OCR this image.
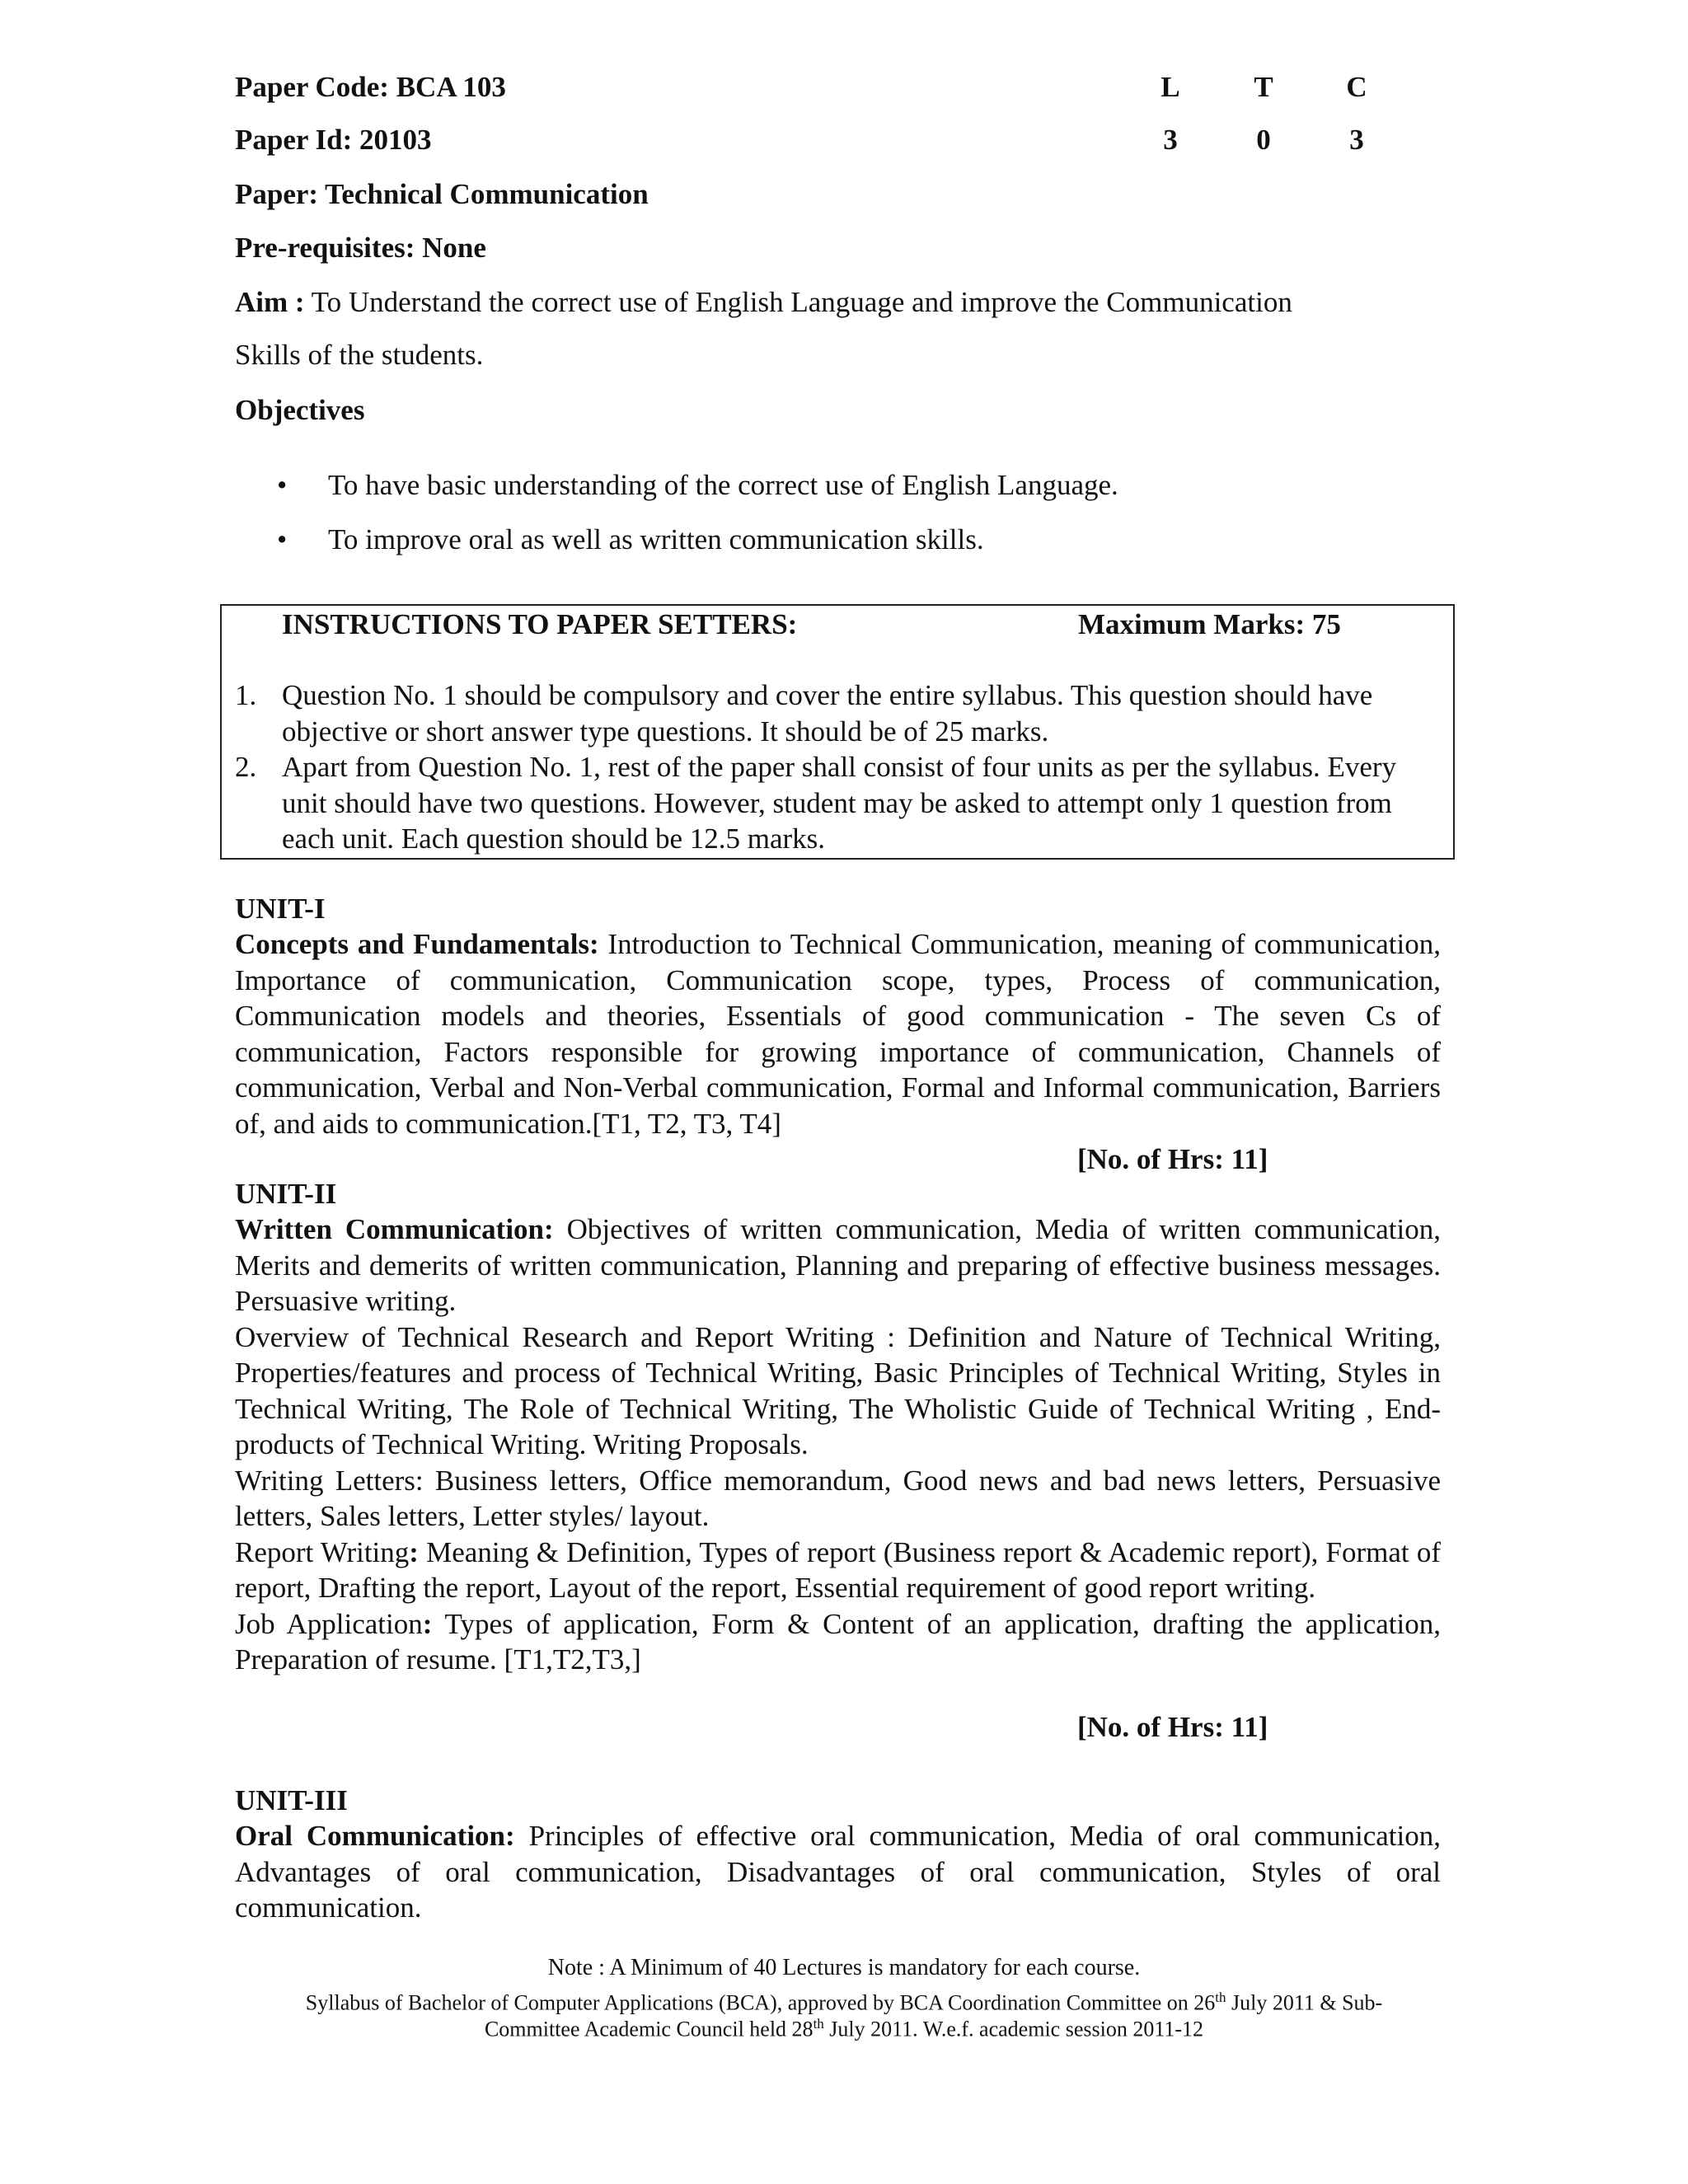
Paper Code: BCA 103
Paper Id: 20103
Paper: Technical Communication
Pre-requisites: None
L	T	C
3	0	3
Aim : To Understand the correct use of English Language and improve the Communication
Skills of the students.
Objectives
• To have basic understanding of the correct use of English Language.
• To improve oral as well as written communication skills.
INSTRUCTIONS TO PAPER SETTERS:	Maximum Marks: 75
1. Question No. 1 should be compulsory and cover the entire syllabus. This question should have objective or short answer type questions. It should be of 25 marks.
2. Apart from Question No. 1, rest of the paper shall consist of four units as per the syllabus. Every unit should have two questions. However, student may be asked to attempt only 1 question from each unit. Each question should be 12.5 marks.
UNIT-I

Concepts and Fundamentals: Introduction to Technical Communication, meaning of communication, Importance of communication, Communication scope, types, Process of communication, Communication models and theories, Essentials of good communication - The seven Cs of communication, Factors responsible for growing importance of communication, Channels of communication, Verbal and Non-Verbal communication, Formal and Informal communication, Barriers of, and aids to communication.[T1, T2, T3, T4]

[No. of Hrs: 11]
UNIT-II

Written Communication: Objectives of written communication, Media of written communication, Merits and demerits of written communication, Planning and preparing of effective business messages. Persuasive writing.

Overview of Technical Research and Report Writing : Definition and Nature of Technical Writing, Properties/features and process of Technical Writing, Basic Principles of Technical Writing, Styles in Technical Writing, The Role of Technical Writing, The Wholistic Guide of Technical Writing , End-products of Technical Writing. Writing Proposals.

Writing Letters: Business letters, Office memorandum, Good news and bad news letters, Persuasive letters, Sales letters, Letter styles/ layout.

Report Writing: Meaning & Definition, Types of report (Business report & Academic report), Format of report, Drafting the report, Layout of the report, Essential requirement of good report writing.

Job Application: Types of application, Form & Content of an application, drafting the application, Preparation of resume. [T1,T2,T3,]

[No. of Hrs: 11]
UNIT-III

Oral Communication: Principles of effective oral communication, Media of oral communication, Advantages of oral communication, Disadvantages of oral communication, Styles of oral communication.

Note : A Minimum of 40 Lectures is mandatory for each course.
Syllabus of Bachelor of Computer Applications (BCA), approved by BCA Coordination Committee on 26th July 2011 & Sub-
Committee Academic Council held 28th July 2011. W.e.f. academic session 2011-12
